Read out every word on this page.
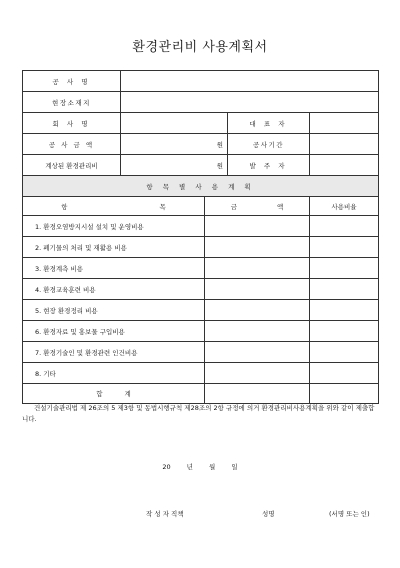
환경관리비 사용계획서
공 사 명				
현장소재지				
회 사 명			대 표 자	
공 사 금 액	원		공사기간	
계상된 환경관리비	원		발 주 자	
항 목 별 사 용 계 획				
항 목		금 액		사용비율
1. 환경오염방지시설 설치 및 운영비용				
2. 폐기물의 처리 및 재활용 비용				
3. 환경계측 비용				
4. 환경교육훈련 비용				
5. 현장 환경정리 비용				
6. 환경자료 및 홍보물 구입비용				
7. 환경기술인 및 환경관련 인건비용				
8. 기타				
합 계				
건설기술관리법 제 26조의 5 제3항 및 동법시행규칙 제28조의 2항 규정에 의거 환경관리비사용계획을 위와 같이 제출합니다.
20 년 월 일
작 성 자 직책	성명	(서명 또는 인)
